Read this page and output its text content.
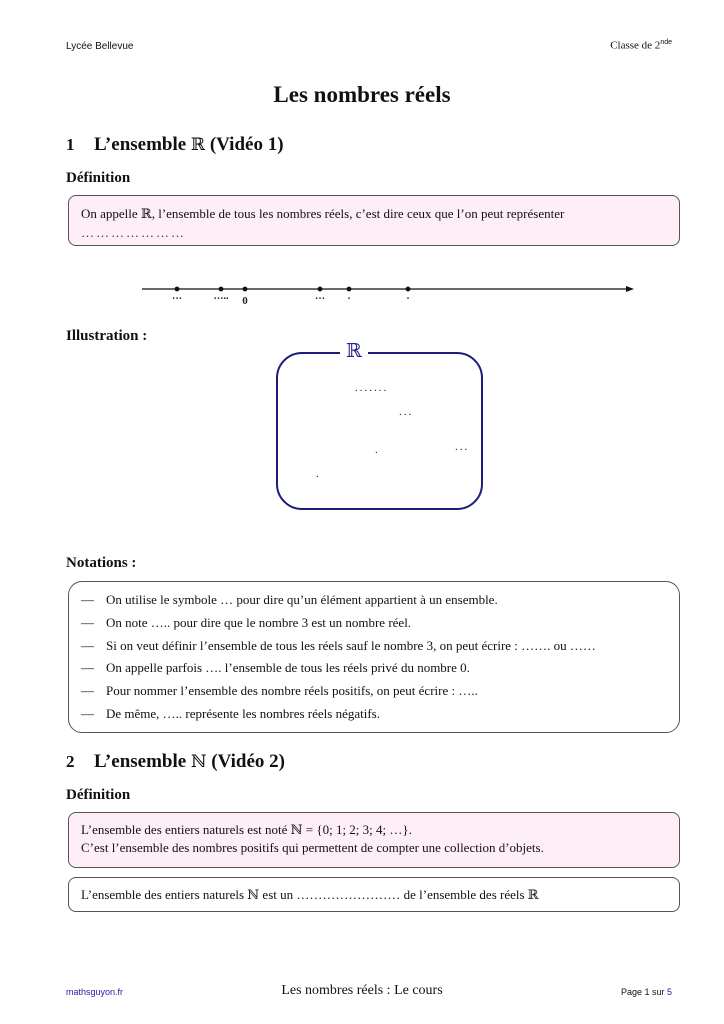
Lycée Bellevue	Classe de 2nde
Les nombres réels
1 L’ensemble ℝ (Vidéo 1)
Définition
On appelle ℝ, l’ensemble de tous les nombres réels, c’est dire ceux que l’on peut représenter
…………………
…	….. 0	… .	.
Illustration :
.......
...
.	...
.
ℝ
Notations :
— On utilise le symbole … pour dire qu’un élément appartient à un ensemble.
— On note ….. pour dire que le nombre 3 est un nombre réel.
— Si on veut définir l’ensemble de tous les réels sauf le nombre 3, on peut écrire : ……. ou ……
— On appelle parfois …. l’ensemble de tous les réels privé du nombre 0.
— Pour nommer l’ensemble des nombre réels positifs, on peut écrire : …..
— De même, ….. représente les nombres réels négatifs.
2 L’ensemble ℕ (Vidéo 2)
Définition
L’ensemble des entiers naturels est noté ℕ = {0; 1; 2; 3; 4; …}.
C’est l’ensemble des nombres positifs qui permettent de compter une collection d’objets.
L’ensemble des entiers naturels ℕ est un …………………… de l’ensemble des réels ℝ
mathsguyon.fr	Les nombres réels : Le cours	Page 1 sur 5
